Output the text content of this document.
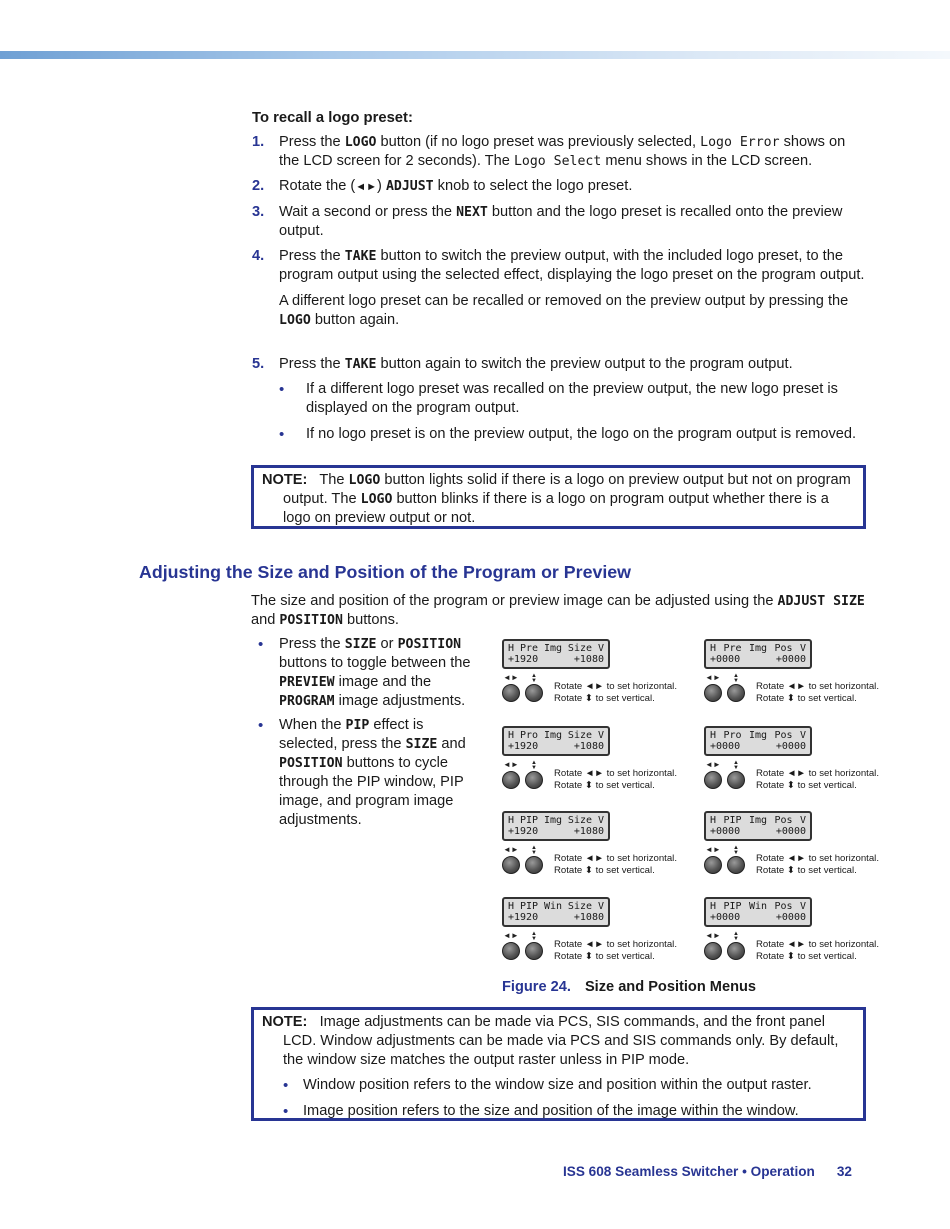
To recall a logo preset:
1. Press the LOGO button (if no logo preset was previously selected, Logo Error shows on the LCD screen for 2 seconds). The Logo Select menu shows in the LCD screen.
2. Rotate the (◄►) ADJUST knob to select the logo preset.
3. Wait a second or press the NEXT button and the logo preset is recalled onto the preview output.
4. Press the TAKE button to switch the preview output, with the included logo preset, to the program output using the selected effect, displaying the logo preset on the program output.
A different logo preset can be recalled or removed on the preview output by pressing the LOGO button again.
5. Press the TAKE button again to switch the preview output to the program output.
• If a different logo preset was recalled on the preview output, the new logo preset is displayed on the program output.
• If no logo preset is on the preview output, the logo on the program output is removed.
NOTE: The LOGO button lights solid if there is a logo on preview output but not on program output. The LOGO button blinks if there is a logo on program output whether there is a logo on preview output or not.
Adjusting the Size and Position of the Program or Preview
The size and position of the program or preview image can be adjusted using the ADJUST SIZE and POSITION buttons.
• Press the SIZE or POSITION buttons to toggle between the PREVIEW image and the PROGRAM image adjustments.
• When the PIP effect is selected, press the SIZE and POSITION buttons to cycle through the PIP window, PIP image, and program image adjustments.
H Pre Img Size V
+1920	+1080
◄► ▲▼ Rotate ◄► to set horizontal.
Rotate ⬍ to set vertical.
H Pre Img Pos V
+0000	+0000
◄► ▲▼ Rotate ◄► to set horizontal.
Rotate ⬍ to set vertical.
H Pro Img Size V
+1920	+1080
◄► ▲▼ Rotate ◄► to set horizontal.
Rotate ⬍ to set vertical.
H Pro Img Pos V
+0000	+0000
◄► ▲▼ Rotate ◄► to set horizontal.
Rotate ⬍ to set vertical.
H PIP Img Size V
+1920	+1080
◄► ▲▼ Rotate ◄► to set horizontal.
Rotate ⬍ to set vertical.
H PIP Img Pos V
+0000	+0000
◄► ▲▼ Rotate ◄► to set horizontal.
Rotate ⬍ to set vertical.
H PIP Win Size V
+1920	+1080
◄► ▲▼ Rotate ◄► to set horizontal.
Rotate ⬍ to set vertical.
H PIP Win Pos V
+0000	+0000
◄► ▲▼ Rotate ◄► to set horizontal.
Rotate ⬍ to set vertical.
Figure 24. Size and Position Menus
NOTE: Image adjustments can be made via PCS, SIS commands, and the front panel LCD. Window adjustments can be made via PCS and SIS commands only. By default, the window size matches the output raster unless in PIP mode.
• Window position refers to the window size and position within the output raster.
• Image position refers to the size and position of the image within the window.
ISS 608 Seamless Switcher • Operation 32
